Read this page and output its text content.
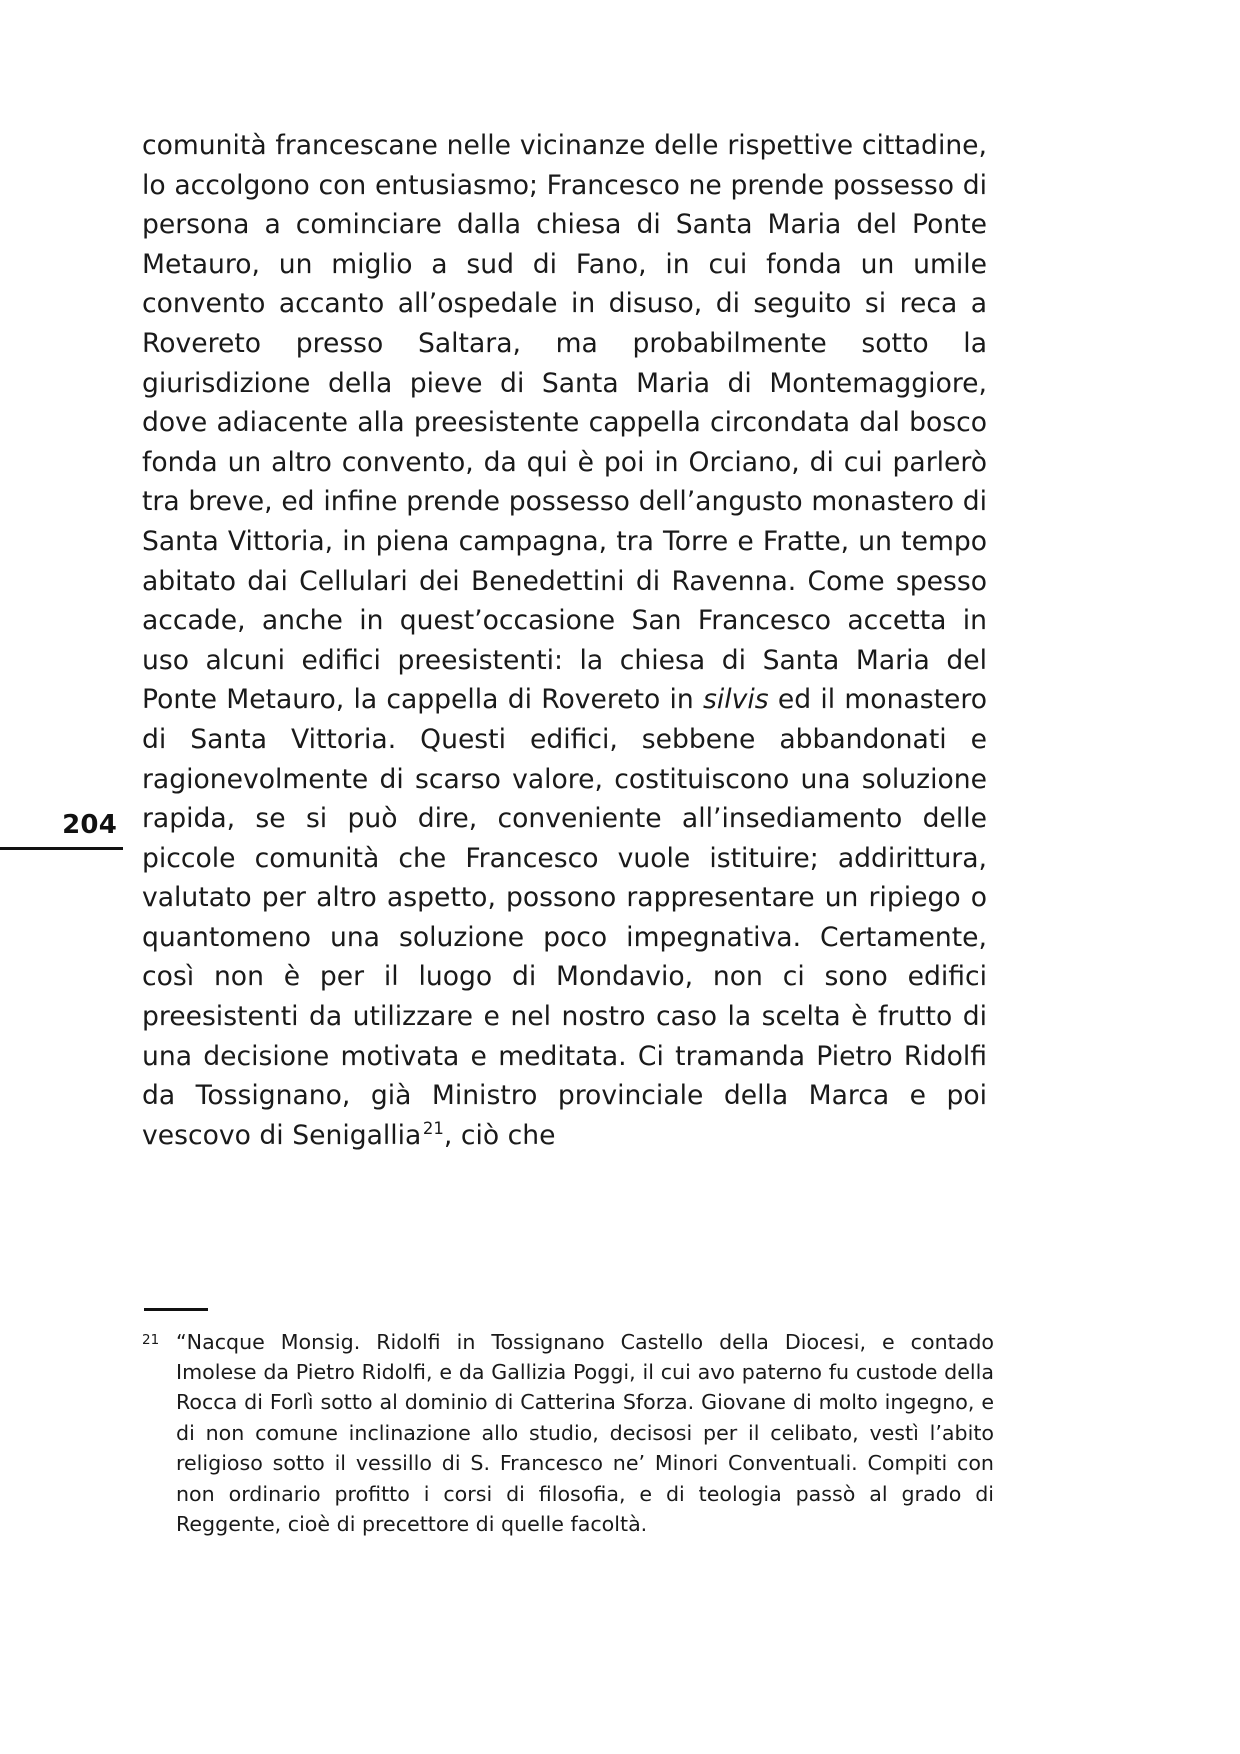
204

comunità francescane nelle vicinanze delle rispettive cittadine, lo accolgono con entusiasmo; Francesco ne prende possesso di persona a cominciare dalla chiesa di Santa Maria del Ponte Metauro, un miglio a sud di Fano, in cui fonda un umile convento accanto all’ospedale in disuso, di seguito si reca a Rovereto presso Saltara, ma probabilmente sotto la giurisdizione della pieve di Santa Maria di Montemaggiore, dove adiacente alla preesistente cappella circondata dal bosco fonda un altro convento, da qui è poi in Orciano, di cui parlerò tra breve, ed infine prende possesso dell’angusto monastero di Santa Vittoria, in piena campagna, tra Torre e Fratte, un tempo abitato dai Cellulari dei Benedettini di Ravenna. Come spesso accade, anche in quest’occasione San Francesco accetta in uso alcuni edifici preesistenti: la chiesa di Santa Maria del Ponte Metauro, la cappella di Rovereto in silvis ed il monastero di Santa Vittoria. Questi edifici, sebbene abbandonati e ragionevolmente di scarso valore, costituiscono una soluzione rapida, se si può dire, conveniente all’insediamento delle piccole comunità che Francesco vuole istituire; addirittura, valutato per altro aspetto, possono rappresentare un ripiego o quantomeno una soluzione poco impegnativa. Certamente, così non è per il luogo di Mondavio, non ci sono edifici preesistenti da utilizzare e nel nostro caso la scelta è frutto di una decisione motivata e meditata. Ci tramanda Pietro Ridolfi da Tossignano, già Ministro provinciale della Marca e poi vescovo di Senigallia$^{21}$, ciò che

21 “Nacque Monsig. Ridolfi in Tossignano Castello della Diocesi, e contado Imolese da Pietro Ridolfi, e da Gallizia Poggi, il cui avo paterno fu custode della Rocca di Forlì sotto al dominio di Catterina Sforza. Giovane di molto ingegno, e di non comune inclinazione allo studio, decisosi per il celibato, vestì l’abito religioso sotto il vessillo di S. Francesco ne’ Minori Conventuali. Compiti con non ordinario profitto i corsi di filosofia, e di teologia passò al grado di Reggente, cioè di precettore di quelle facoltà.
